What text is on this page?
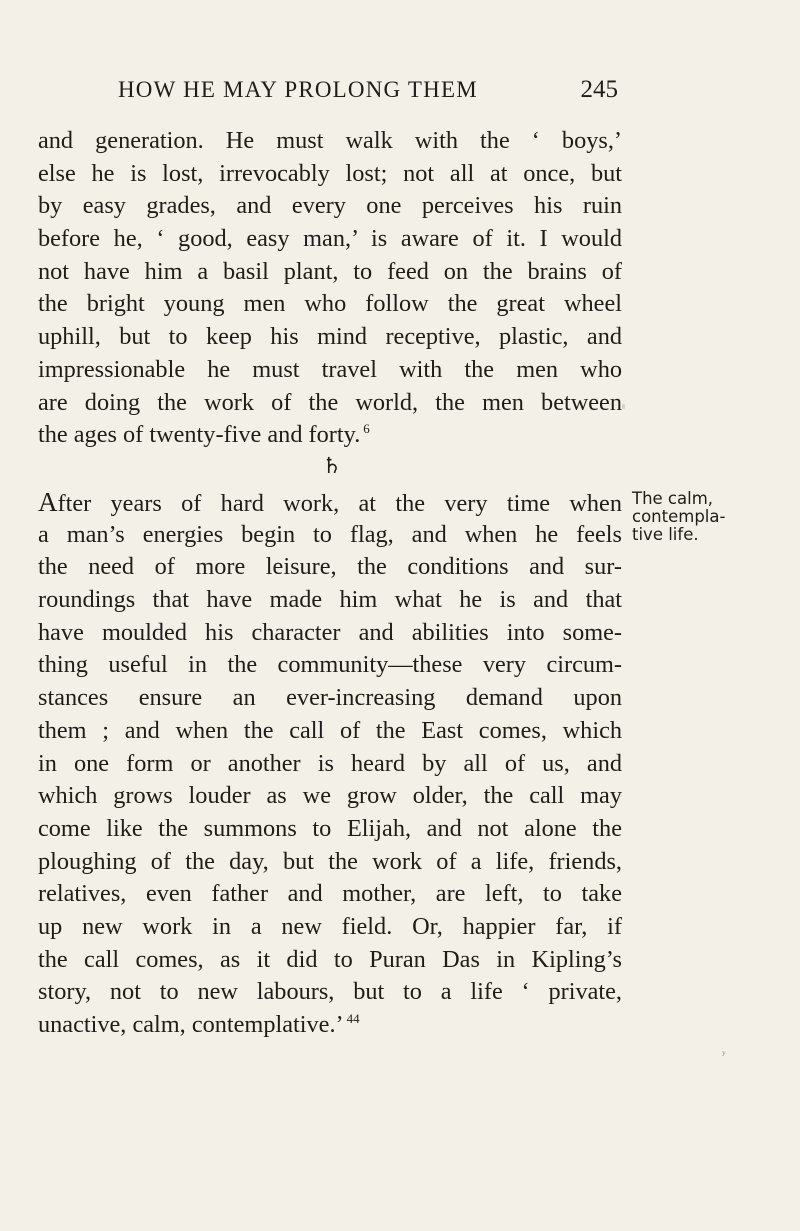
HOW HE MAY PROLONG THEM	245
and generation. He must walk with the ‘ boys,’
else he is lost, irrevocably lost; not all at once, but
by easy grades, and every one perceives his ruin
before he, ‘ good, easy man,’ is aware of it. I would
not have him a basil plant, to feed on the brains of
the bright young men who follow the great wheel
uphill, but to keep his mind receptive, plastic, and
impressionable he must travel with the men who
are doing the work of the world, the men between
the ages of twenty-five and forty. $^6$
♄
After years of hard work, at the very time when
a man’s energies begin to flag, and when he feels
the need of more leisure, the conditions and sur-
roundings that have made him what he is and that
have moulded his character and abilities into some-
thing useful in the community—these very circum-
stances ensure an ever-increasing demand upon
them ; and when the call of the East comes, which
in one form or another is heard by all of us, and
which grows louder as we grow older, the call may
come like the summons to Elijah, and not alone the
ploughing of the day, but the work of a life, friends,
relatives, even father and mother, are left, to take
up new work in a new field. Or, happier far, if
the call comes, as it did to Puran Das in Kipling’s
story, not to new labours, but to a life ‘ private,
unactive, calm, contemplative.’ $^{44}$
The calm,
contempla-
tive life.
ʸ
